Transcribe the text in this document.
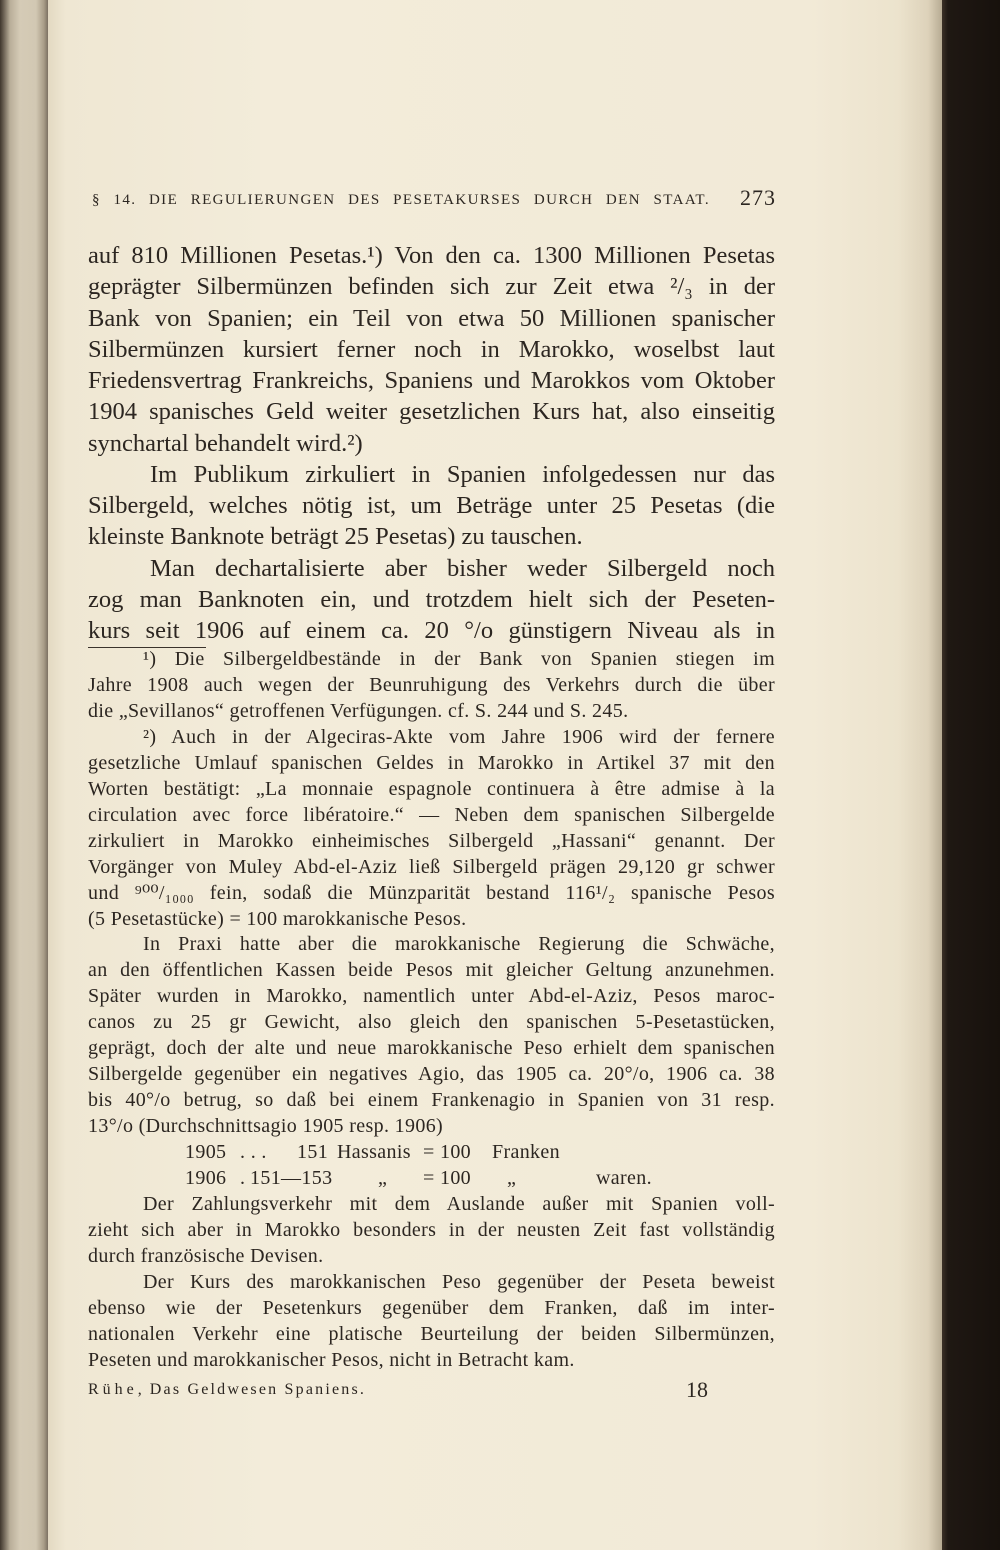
§ 14. DIE REGULIERUNGEN DES PESETAKURSES DURCH DEN STAAT.	273
auf 810 Millionen Pesetas.¹) Von den ca. 1300 Millionen Pesetas
geprägter Silbermünzen befinden sich zur Zeit etwa ²/₃ in der
Bank von Spanien; ein Teil von etwa 50 Millionen spanischer
Silbermünzen kursiert ferner noch in Marokko, woselbst laut
Friedensvertrag Frankreichs, Spaniens und Marokkos vom Oktober
1904 spanisches Geld weiter gesetzlichen Kurs hat, also einseitig
synchartal behandelt wird.²)
Im Publikum zirkuliert in Spanien infolgedessen nur das
Silbergeld, welches nötig ist, um Beträge unter 25 Pesetas (die
kleinste Banknote beträgt 25 Pesetas) zu tauschen.
Man dechartalisierte aber bisher weder Silbergeld noch
zog man Banknoten ein, und trotzdem hielt sich der Peseten-
kurs seit 1906 auf einem ca. 20 °/o günstigern Niveau als in
¹) Die Silbergeldbestände in der Bank von Spanien stiegen im
Jahre 1908 auch wegen der Beunruhigung des Verkehrs durch die über
die „Sevillanos“ getroffenen Verfügungen. cf. S. 244 und S. 245.
²) Auch in der Algeciras-Akte vom Jahre 1906 wird der fernere
gesetzliche Umlauf spanischen Geldes in Marokko in Artikel 37 mit den
Worten bestätigt: „La monnaie espagnole continuera à être admise à la
circulation avec force libératoire.“ — Neben dem spanischen Silbergelde
zirkuliert in Marokko einheimisches Silbergeld „Hassani“ genannt. Der
Vorgänger von Muley Abd-el-Aziz ließ Silbergeld prägen 29,120 gr schwer
und ⁹⁰⁰/₁₀₀₀ fein, sodaß die Münzparität bestand 116¹/₂ spanische Pesos
(5 Pesetastücke) = 100 marokkanische Pesos.
In Praxi hatte aber die marokkanische Regierung die Schwäche,
an den öffentlichen Kassen beide Pesos mit gleicher Geltung anzunehmen.
Später wurden in Marokko, namentlich unter Abd-el-Aziz, Pesos maroc-
canos zu 25 gr Gewicht, also gleich den spanischen 5-Pesetastücken,
geprägt, doch der alte und neue marokkanische Peso erhielt dem spanischen
Silbergelde gegenüber ein negatives Agio, das 1905 ca. 20°/o, 1906 ca. 38
bis 40°/o betrug, so daß bei einem Frankenagio in Spanien von 31 resp.
13°/o (Durchschnittsagio 1905 resp. 1906)
1905 . . . 151 Hassanis = 100 Franken
1906 . 151—153 „ = 100 „	waren.
Der Zahlungsverkehr mit dem Auslande außer mit Spanien voll-
zieht sich aber in Marokko besonders in der neusten Zeit fast vollständig
durch französische Devisen.
Der Kurs des marokkanischen Peso gegenüber der Peseta beweist
ebenso wie der Pesetenkurs gegenüber dem Franken, daß im inter-
nationalen Verkehr eine platische Beurteilung der beiden Silbermünzen,
Peseten und marokkanischer Pesos, nicht in Betracht kam.
Rühe, Das Geldwesen Spaniens.	18
